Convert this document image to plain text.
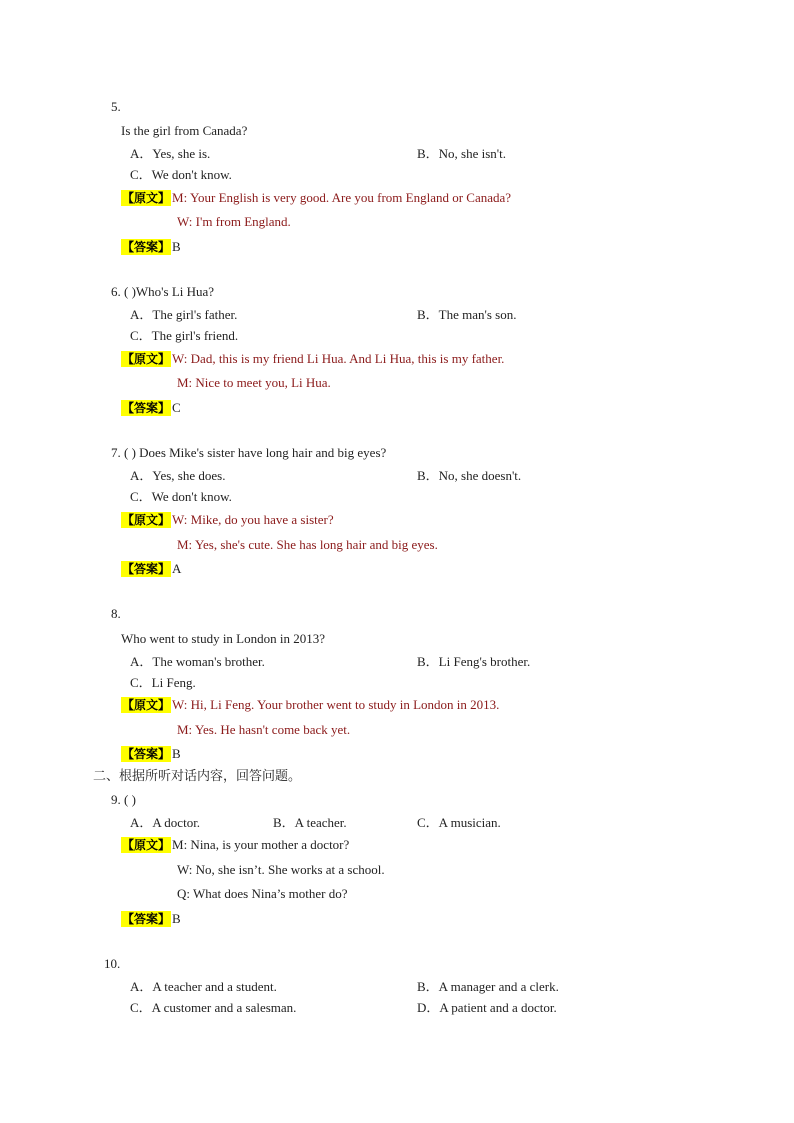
5.
Is the girl from Canada?
A．Yes, she is.	B．No, she isn't.
C．We don't know.
【原文】 M: Your English is very good. Are you from England or Canada?
W: I'm from England.
【答案】 B
6. ( )Who's Li Hua?
A．The girl's father.	B．The man's son.
C．The girl's friend.
【原文】 W: Dad, this is my friend Li Hua. And Li Hua, this is my father.
M: Nice to meet you, Li Hua.
【答案】 C
7. ( ) Does Mike's sister have long hair and big eyes?
A．Yes, she does.	B．No, she doesn't.
C．We don't know.
【原文】 W: Mike, do you have a sister?
M: Yes, she's cute. She has long hair and big eyes.
【答案】 A
8.
Who went to study in London in 2013?
A．The woman's brother.	B．Li Feng's brother.
C．Li Feng.
【原文】 W: Hi, Li Feng. Your brother went to study in London in 2013.
M: Yes. He hasn't come back yet.
【答案】 B
二、根据所听对话内容，回答问题。
9. ( )
A．A doctor.	B．A teacher.	C．A musician.
【原文】 M: Nina, is your mother a doctor?
W: No, she isn’t. She works at a school.
Q: What does Nina’s mother do?
【答案】 B
10.
A．A teacher and a student.	B．A manager and a clerk.
C．A customer and a salesman.	D．A patient and a doctor.
